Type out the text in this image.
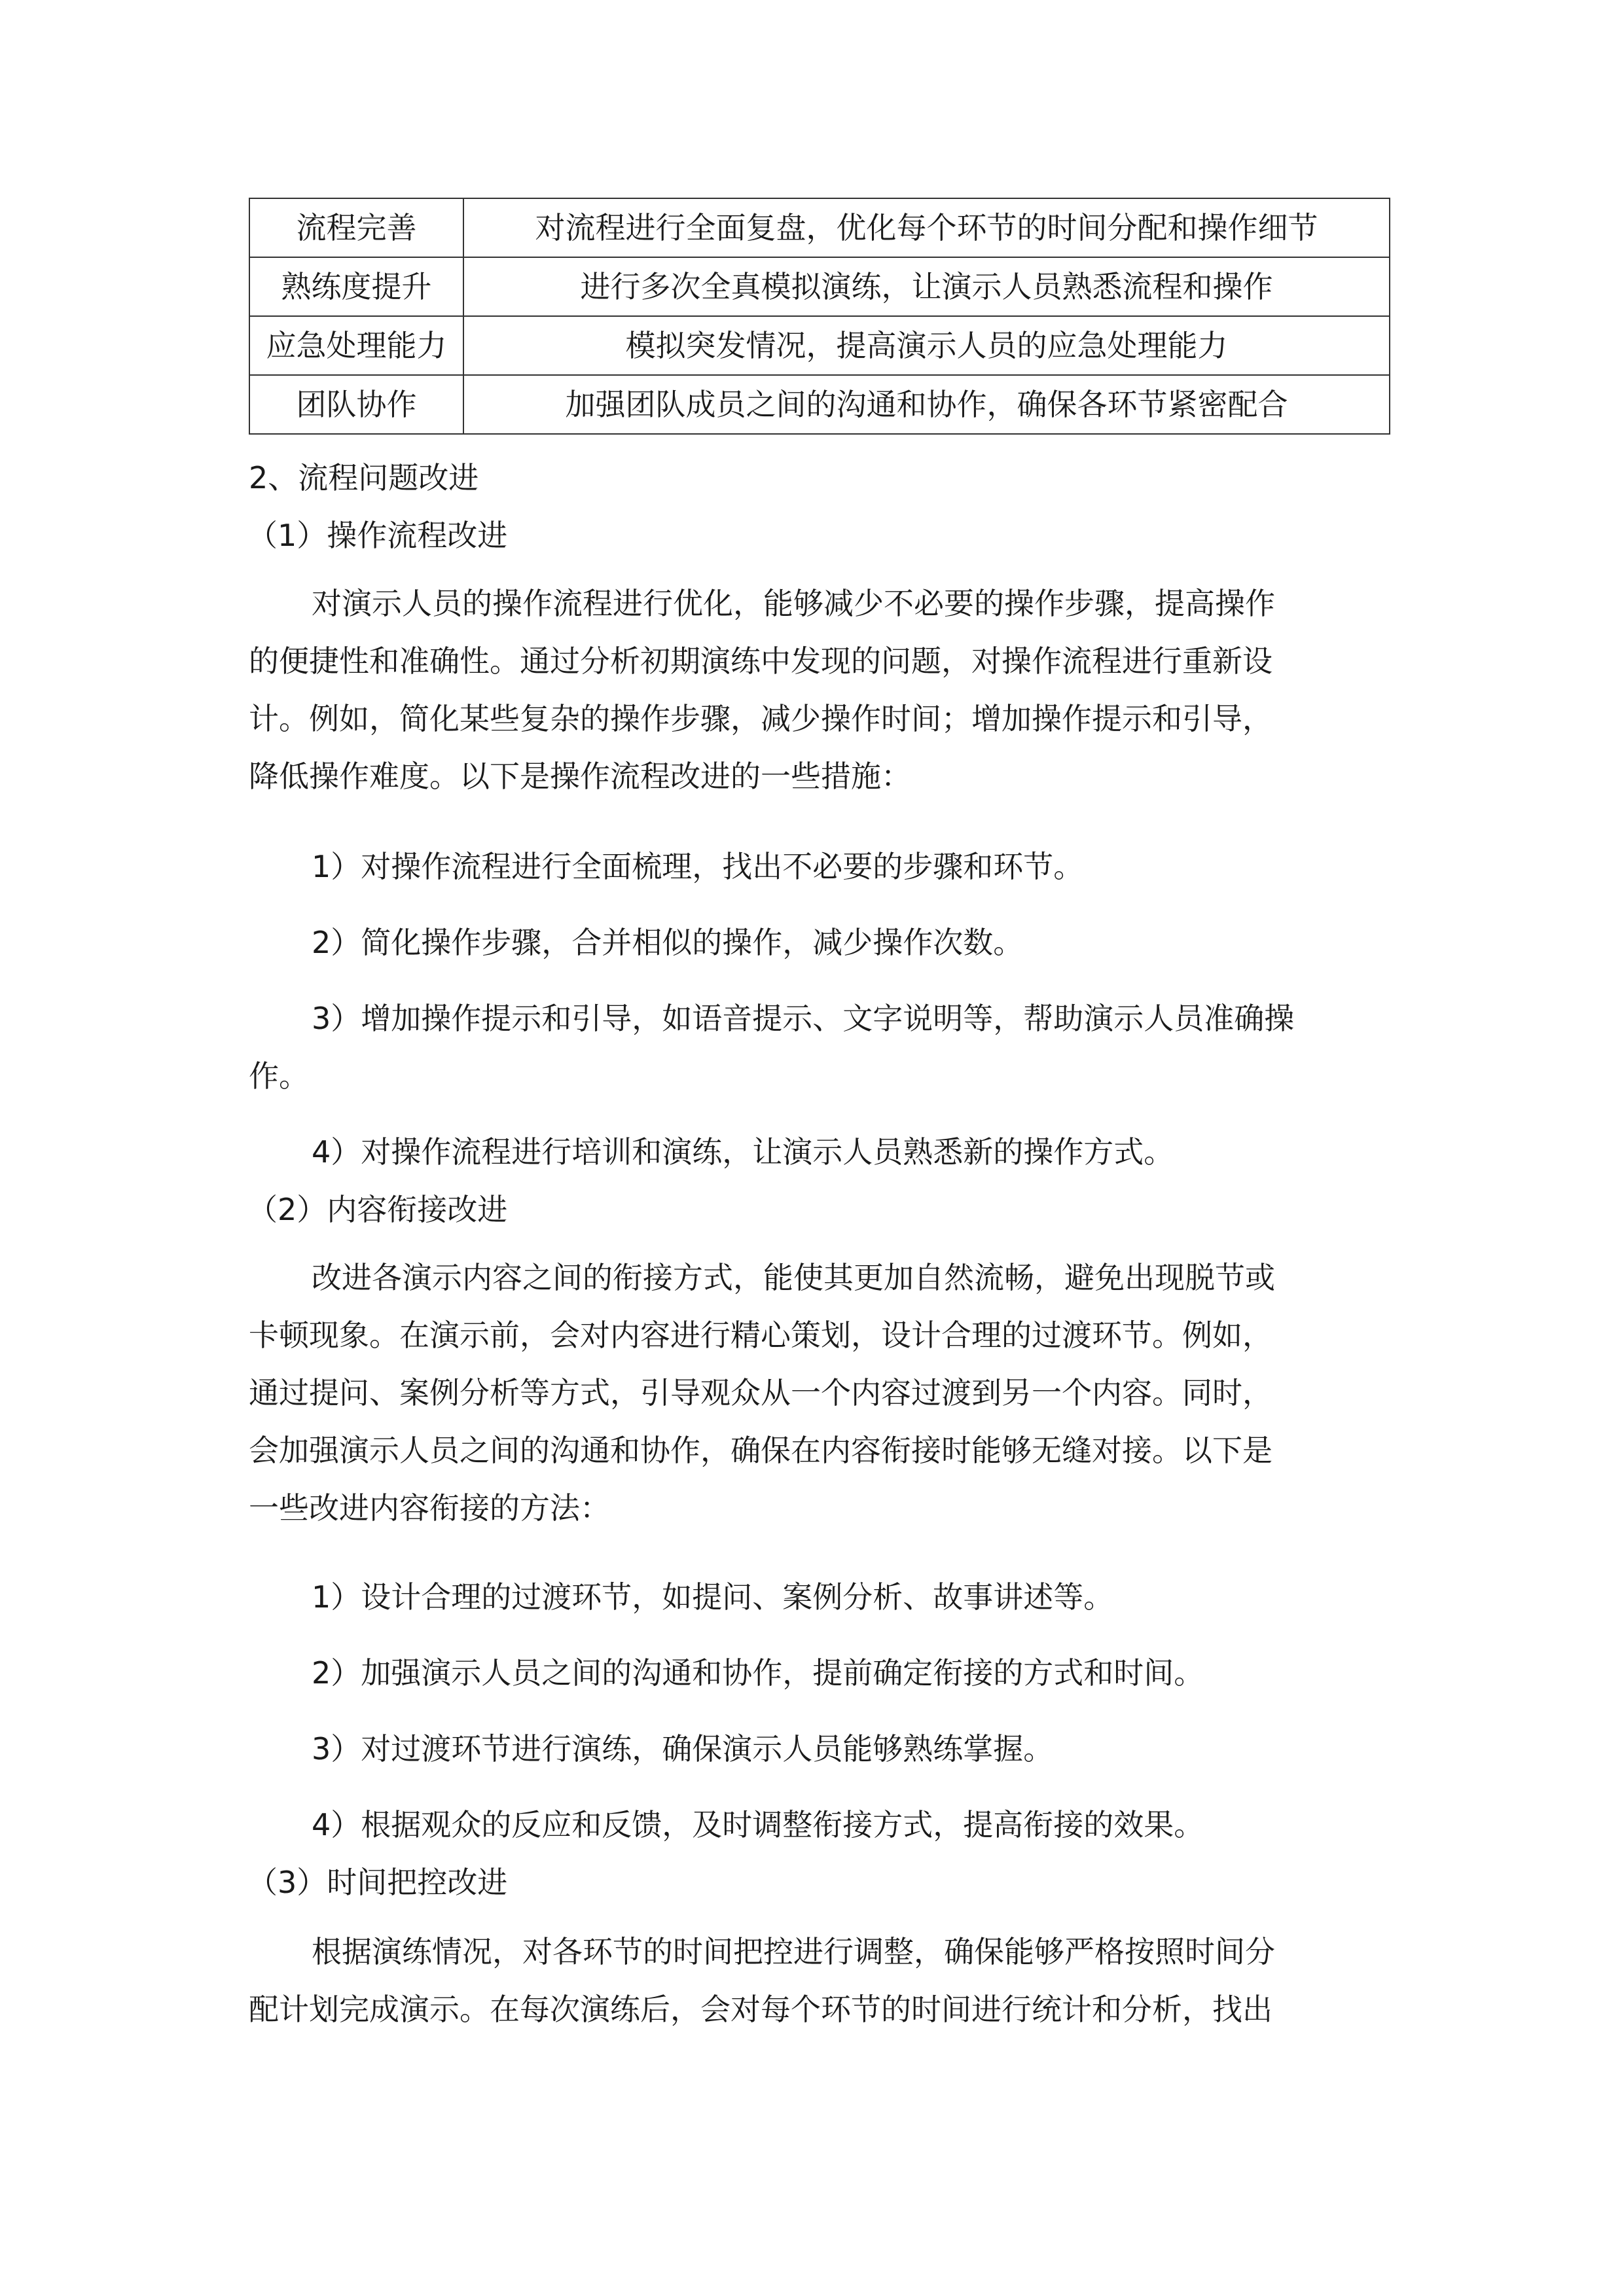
流程完善	对流程进行全面复盘，优化每个环节的时间分配和操作细节
熟练度提升	进行多次全真模拟演练，让演示人员熟悉流程和操作
应急处理能力	模拟突发情况，提高演示人员的应急处理能力
团队协作	加强团队成员之间的沟通和协作，确保各环节紧密配合
2、流程问题改进
（1）操作流程改进
对演示人员的操作流程进行优化，能够减少不必要的操作步骤，提高操作
的便捷性和准确性。通过分析初期演练中发现的问题，对操作流程进行重新设
计。例如，简化某些复杂的操作步骤，减少操作时间；增加操作提示和引导，
降低操作难度。以下是操作流程改进的一些措施：
1）对操作流程进行全面梳理，找出不必要的步骤和环节。
2）简化操作步骤，合并相似的操作，减少操作次数。
3）增加操作提示和引导，如语音提示、文字说明等，帮助演示人员准确操
作。
4）对操作流程进行培训和演练，让演示人员熟悉新的操作方式。
（2）内容衔接改进
改进各演示内容之间的衔接方式，能使其更加自然流畅，避免出现脱节或
卡顿现象。在演示前，会对内容进行精心策划，设计合理的过渡环节。例如，
通过提问、案例分析等方式，引导观众从一个内容过渡到另一个内容。同时，
会加强演示人员之间的沟通和协作，确保在内容衔接时能够无缝对接。以下是
一些改进内容衔接的方法：
1）设计合理的过渡环节，如提问、案例分析、故事讲述等。
2）加强演示人员之间的沟通和协作，提前确定衔接的方式和时间。
3）对过渡环节进行演练，确保演示人员能够熟练掌握。
4）根据观众的反应和反馈，及时调整衔接方式，提高衔接的效果。
（3）时间把控改进
根据演练情况，对各环节的时间把控进行调整，确保能够严格按照时间分
配计划完成演示。在每次演练后，会对每个环节的时间进行统计和分析，找出
